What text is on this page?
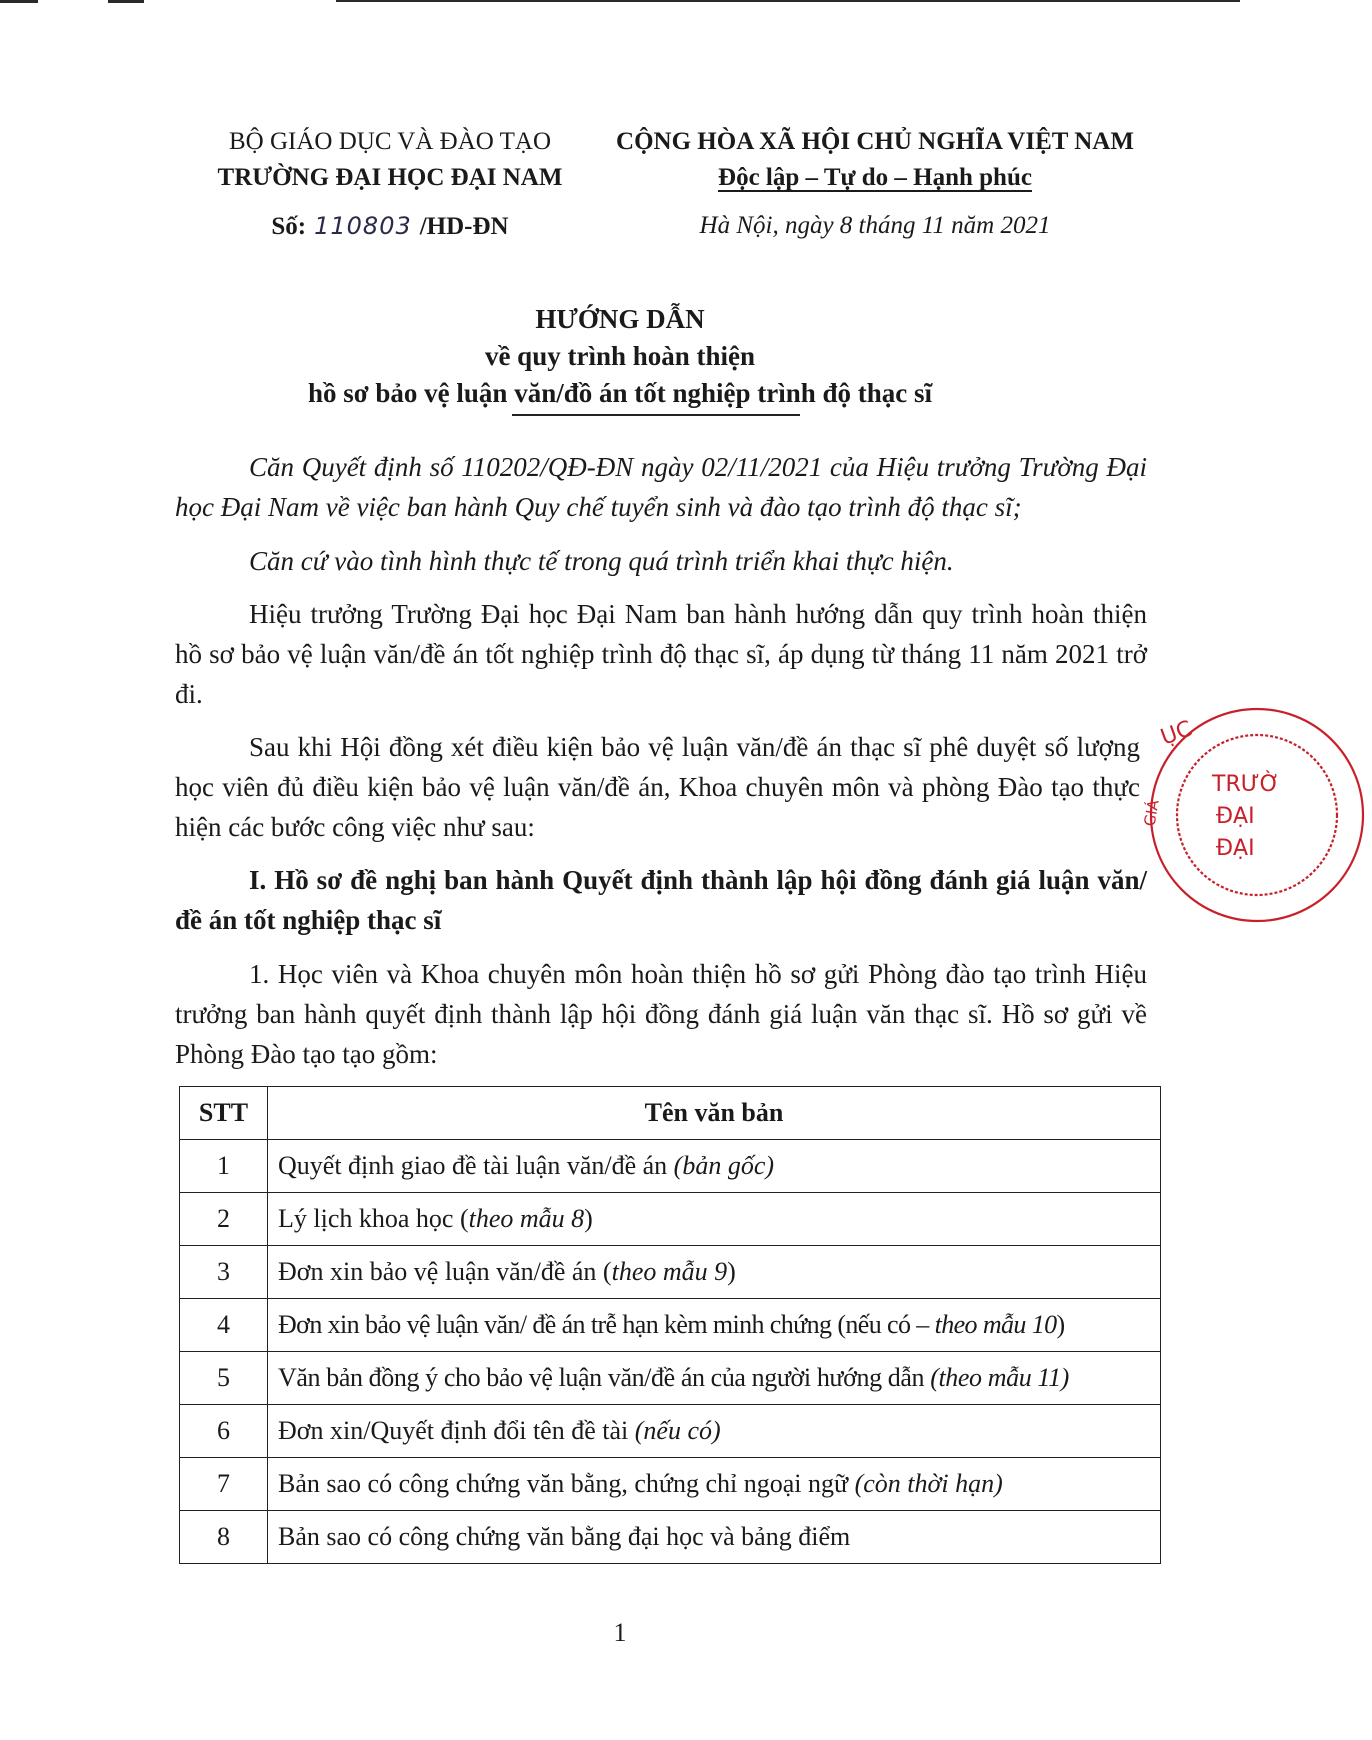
BỘ GIÁO DỤC VÀ ĐÀO TẠO
TRƯỜNG ĐẠI HỌC ĐẠI NAM
Số: 110803 /HD-ĐN
CỘNG HÒA XÃ HỘI CHỦ NGHĨA VIỆT NAM
Độc lập – Tự do – Hạnh phúc
Hà Nội, ngày 8 tháng 11 năm 2021
HƯỚNG DẪN
về quy trình hoàn thiện
hồ sơ bảo vệ luận văn/đồ án tốt nghiệp trình độ thạc sĩ
Căn Quyết định số 110202/QĐ-ĐN ngày 02/11/2021 của Hiệu trưởng Trường Đại học Đại Nam về việc ban hành Quy chế tuyển sinh và đào tạo trình độ thạc sĩ;
Căn cứ vào tình hình thực tế trong quá trình triển khai thực hiện.
Hiệu trưởng Trường Đại học Đại Nam ban hành hướng dẫn quy trình hoàn thiện hồ sơ bảo vệ luận văn/đề án tốt nghiệp trình độ thạc sĩ, áp dụng từ tháng 11 năm 2021 trở đi.
Sau khi Hội đồng xét điều kiện bảo vệ luận văn/đề án thạc sĩ phê duyệt số lượng học viên đủ điều kiện bảo vệ luận văn/đề án, Khoa chuyên môn và phòng Đào tạo thực hiện các bước công việc như sau:
I. Hồ sơ đề nghị ban hành Quyết định thành lập hội đồng đánh giá luận văn/đề án tốt nghiệp thạc sĩ
1. Học viên và Khoa chuyên môn hoàn thiện hồ sơ gửi Phòng đào tạo trình Hiệu trưởng ban hành quyết định thành lập hội đồng đánh giá luận văn thạc sĩ. Hồ sơ gửi về Phòng Đào tạo tạo gồm:
STT	Tên văn bản
1	Quyết định giao đề tài luận văn/đề án (bản gốc)
2	Lý lịch khoa học (theo mẫu 8)
3	Đơn xin bảo vệ luận văn/đề án (theo mẫu 9)
4	Đơn xin bảo vệ luận văn/ đề án trễ hạn kèm minh chứng (nếu có – theo mẫu 10)
5	Văn bản đồng ý cho bảo vệ luận văn/đề án của người hướng dẫn (theo mẫu 11)
6	Đơn xin/Quyết định đổi tên đề tài (nếu có)
7	Bản sao có công chứng văn bằng, chứng chỉ ngoại ngữ (còn thời hạn)
8	Bản sao có công chứng văn bằng đại học và bảng điểm
ỤC
GIÁ
TRƯỜ
ĐẠI
ĐẠI
1
